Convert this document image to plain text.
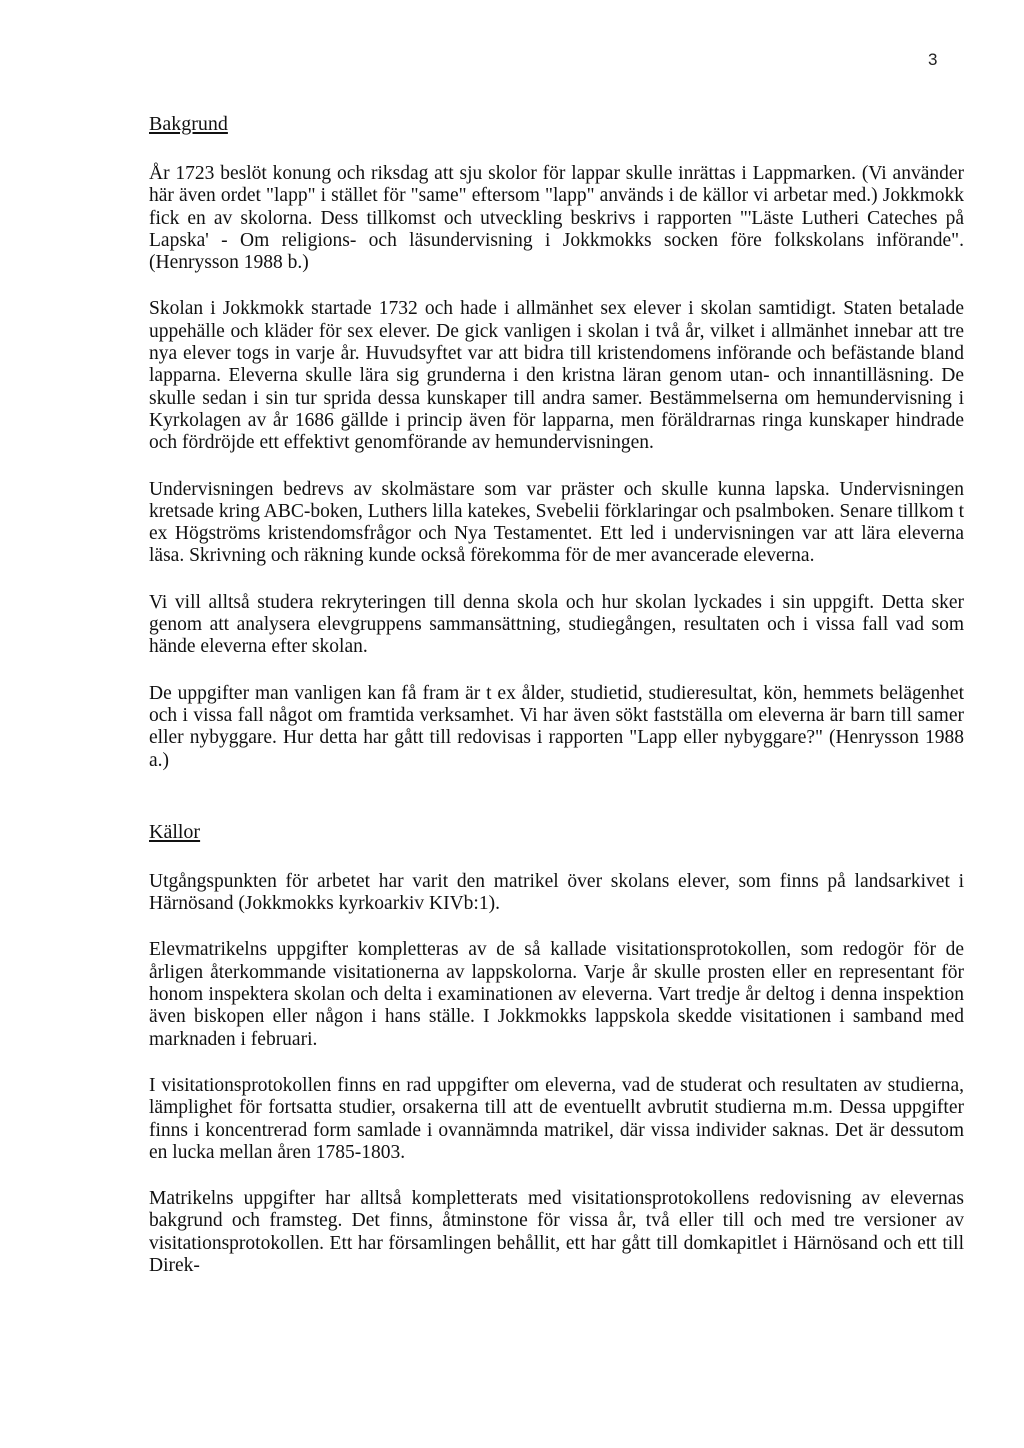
3
Bakgrund

År 1723 beslöt konung och riksdag att sju skolor för lappar skulle inrättas i Lappmarken. (Vi använder här även ordet "lapp" i stället för "same" eftersom "lapp" används i de källor vi arbetar med.) Jokkmokk fick en av skolorna. Dess tillkomst och utveckling beskrivs i rapporten "'Läste Lutheri Cateches på Lapska' - Om religions- och läsundervisning i Jokkmokks socken före folkskolans införande". (Henrysson 1988 b.)

Skolan i Jokkmokk startade 1732 och hade i allmänhet sex elever i skolan samtidigt. Staten betalade uppehälle och kläder för sex elever. De gick vanligen i skolan i två år, vilket i allmänhet innebar att tre nya elever togs in varje år. Huvudsyftet var att bidra till kristendomens införande och befästande bland lapparna. Eleverna skulle lära sig grunderna i den kristna läran genom utan- och innantilläsning. De skulle sedan i sin tur sprida dessa kunskaper till andra samer. Bestämmelserna om hemundervisning i Kyrkolagen av år 1686 gällde i princip även för lapparna, men föräldrarnas ringa kunskaper hindrade och fördröjde ett effektivt genomförande av hemundervisningen.

Undervisningen bedrevs av skolmästare som var präster och skulle kunna lapska. Undervisningen kretsade kring ABC-boken, Luthers lilla katekes, Svebelii förklaringar och psalmboken. Senare tillkom t ex Högströms kristendomsfrågor och Nya Testamentet. Ett led i undervisningen var att lära eleverna läsa. Skrivning och räkning kunde också förekomma för de mer avancerade eleverna.

Vi vill alltså studera rekryteringen till denna skola och hur skolan lyckades i sin uppgift. Detta sker genom att analysera elevgruppens sammansättning, studiegången, resultaten och i vissa fall vad som hände eleverna efter skolan.

De uppgifter man vanligen kan få fram är t ex ålder, studietid, studieresultat, kön, hemmets belägenhet och i vissa fall något om framtida verksamhet. Vi har även sökt fastställa om eleverna är barn till samer eller nybyggare. Hur detta har gått till redovisas i rapporten "Lapp eller nybyggare?" (Henrysson 1988 a.)

Källor

Utgångspunkten för arbetet har varit den matrikel över skolans elever, som finns på landsarkivet i Härnösand (Jokkmokks kyrkoarkiv KIVb:1).

Elevmatrikelns uppgifter kompletteras av de så kallade visitationsprotokollen, som redogör för de årligen återkommande visitationerna av lappskolorna. Varje år skulle prosten eller en representant för honom inspektera skolan och delta i examinationen av eleverna. Vart tredje år deltog i denna inspektion även biskopen eller någon i hans ställe. I Jokkmokks lappskola skedde visitationen i samband med marknaden i februari.

I visitationsprotokollen finns en rad uppgifter om eleverna, vad de studerat och resultaten av studierna, lämplighet för fortsatta studier, orsakerna till att de eventuellt avbrutit studierna m.m. Dessa uppgifter finns i koncentrerad form samlade i ovannämnda matrikel, där vissa individer saknas. Det är dessutom en lucka mellan åren 1785-1803.

Matrikelns uppgifter har alltså kompletterats med visitationsprotokollens redovisning av elevernas bakgrund och framsteg. Det finns, åtminstone för vissa år, två eller till och med tre versioner av visitationsprotokollen. Ett har församlingen behållit, ett har gått till domkapitlet i Härnösand och ett till Direk-
